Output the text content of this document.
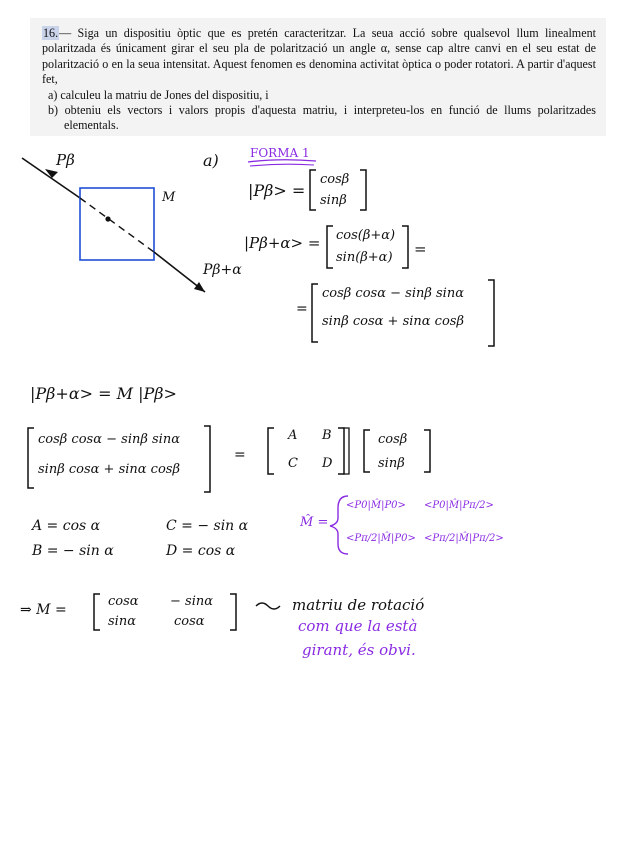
16.— Siga un dispositiu òptic que es pretén caracteritzar. La seua acció sobre qualsevol llum linealment polaritzada és únicament girar el seu pla de polarització un angle α, sense cap altre canvi en el seu estat de polarització o en la seua intensitat. Aquest fenomen es denomina activitat òptica o poder rotatori. A partir d'aquest fet,
a) calculeu la matriu de Jones del dispositiu, i
b) obteniu els vectors i valors propis d'aquesta matriu, i interpreteu-los en funció de llums polaritzades elementals.
Pβ
M
Pβ+α
a)	FORMA 1
|Pβ> =
cosβ
sinβ
|Pβ+α> = cos(β+α)
sin(β+α) =
=
cosβ cosα − sinβ sinα
sinβ cosα + sinα cosβ
|Pβ+α> = M |Pβ>
cosβ cosα − sinβ sinα
sinβ cosα + sinα cosβ
=
A B
C D
cosβ
sinβ
A = cos α
B = − sin α
C = − sin α
D = cos α
M̂ =
<P0|M̂|P0> <P0|M̂|Pπ/2>
<Pπ/2|M̂|P0> <Pπ/2|M̂|Pπ/2>
⇒ M =
cosα − sinα
sinα	cosα
matriu de rotació
com que la està
girant, és obvi.
